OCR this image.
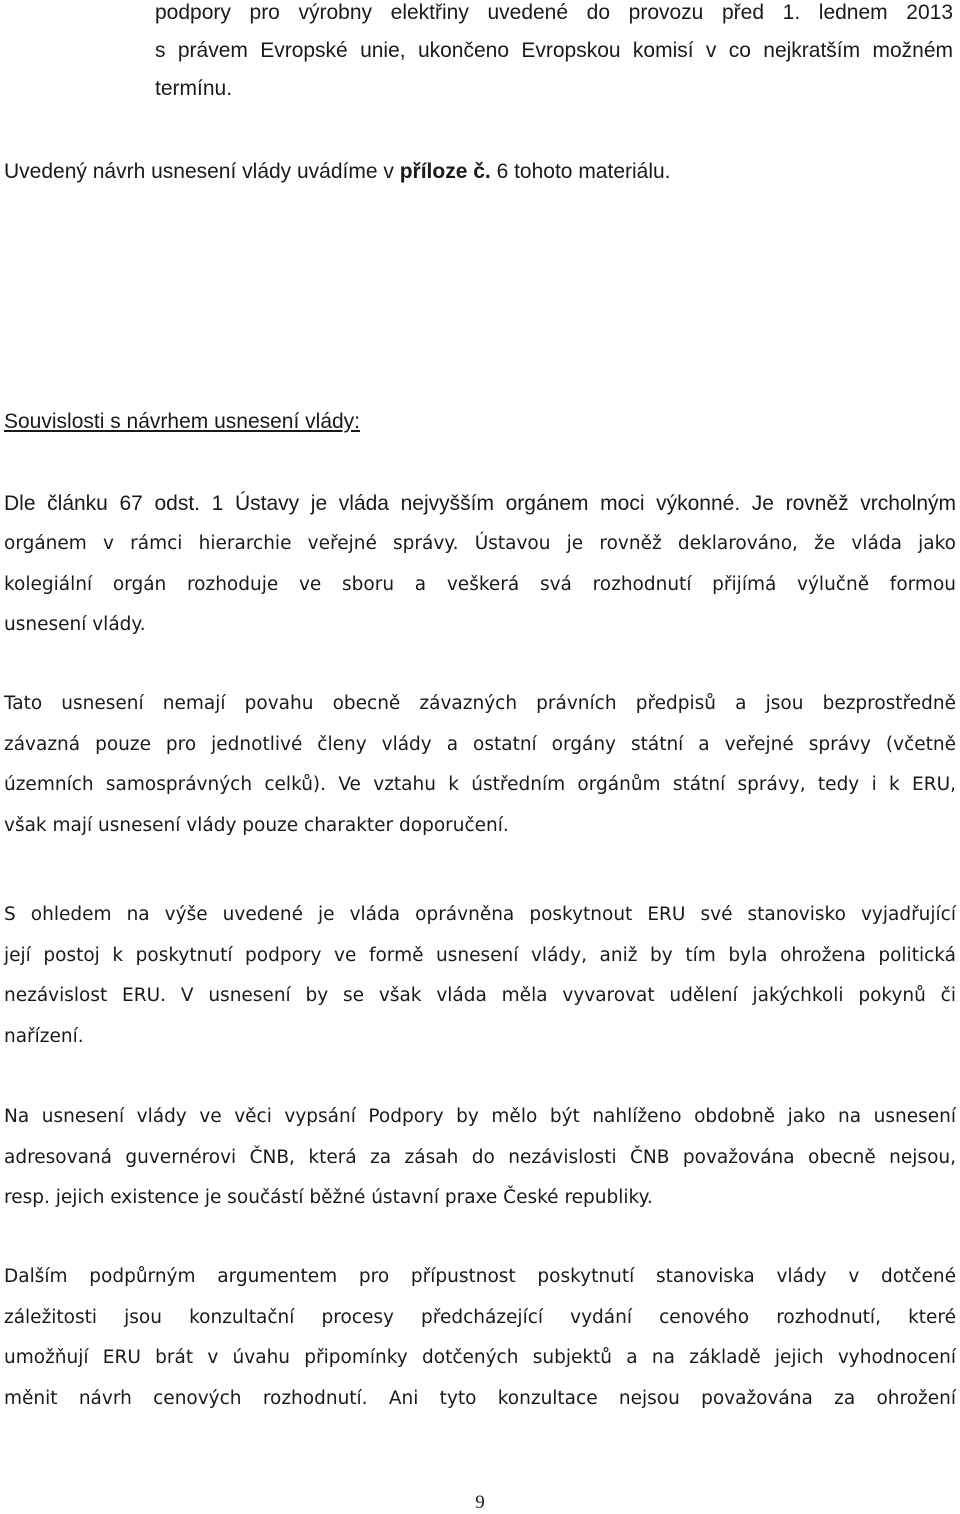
podpory pro výrobny elektřiny uvedené do provozu před 1. lednem 2013
s právem Evropské unie, ukončeno Evropskou komisí v co nejkratším možném
termínu.
Uvedený návrh usnesení vlády uvádíme v příloze č. 6 tohoto materiálu.
Souvislosti s návrhem usnesení vlády:
Dle článku 67 odst. 1 Ústavy je vláda nejvyšším orgánem moci výkonné. Je rovněž vrcholným
orgánem v rámci hierarchie veřejné správy. Ústavou je rovněž deklarováno, že vláda jako
kolegiální orgán rozhoduje ve sboru a veškerá svá rozhodnutí přijímá výlučně formou
usnesení vlády.
Tato usnesení nemají povahu obecně závazných právních předpisů a jsou bezprostředně
závazná pouze pro jednotlivé členy vlády a ostatní orgány státní a veřejné správy (včetně
územních samosprávných celků). Ve vztahu k ústředním orgánům státní správy, tedy i k ERU,
však mají usnesení vlády pouze charakter doporučení.
S ohledem na výše uvedené je vláda oprávněna poskytnout ERU své stanovisko vyjadřující
její postoj k poskytnutí podpory ve formě usnesení vlády, aniž by tím byla ohrožena politická
nezávislost ERU. V usnesení by se však vláda měla vyvarovat udělení jakýchkoli pokynů či
nařízení.
Na usnesení vlády ve věci vypsání Podpory by mělo být nahlíženo obdobně jako na usnesení
adresovaná guvernérovi ČNB, která za zásah do nezávislosti ČNB považována obecně nejsou,
resp. jejich existence je součástí běžné ústavní praxe České republiky.
Dalším podpůrným argumentem pro přípustnost poskytnutí stanoviska vlády v dotčené
záležitosti jsou konzultační procesy předcházející vydání cenového rozhodnutí, které
umožňují ERU brát v úvahu připomínky dotčených subjektů a na základě jejich vyhodnocení
měnit návrh cenových rozhodnutí. Ani tyto konzultace nejsou považována za ohrožení
9
